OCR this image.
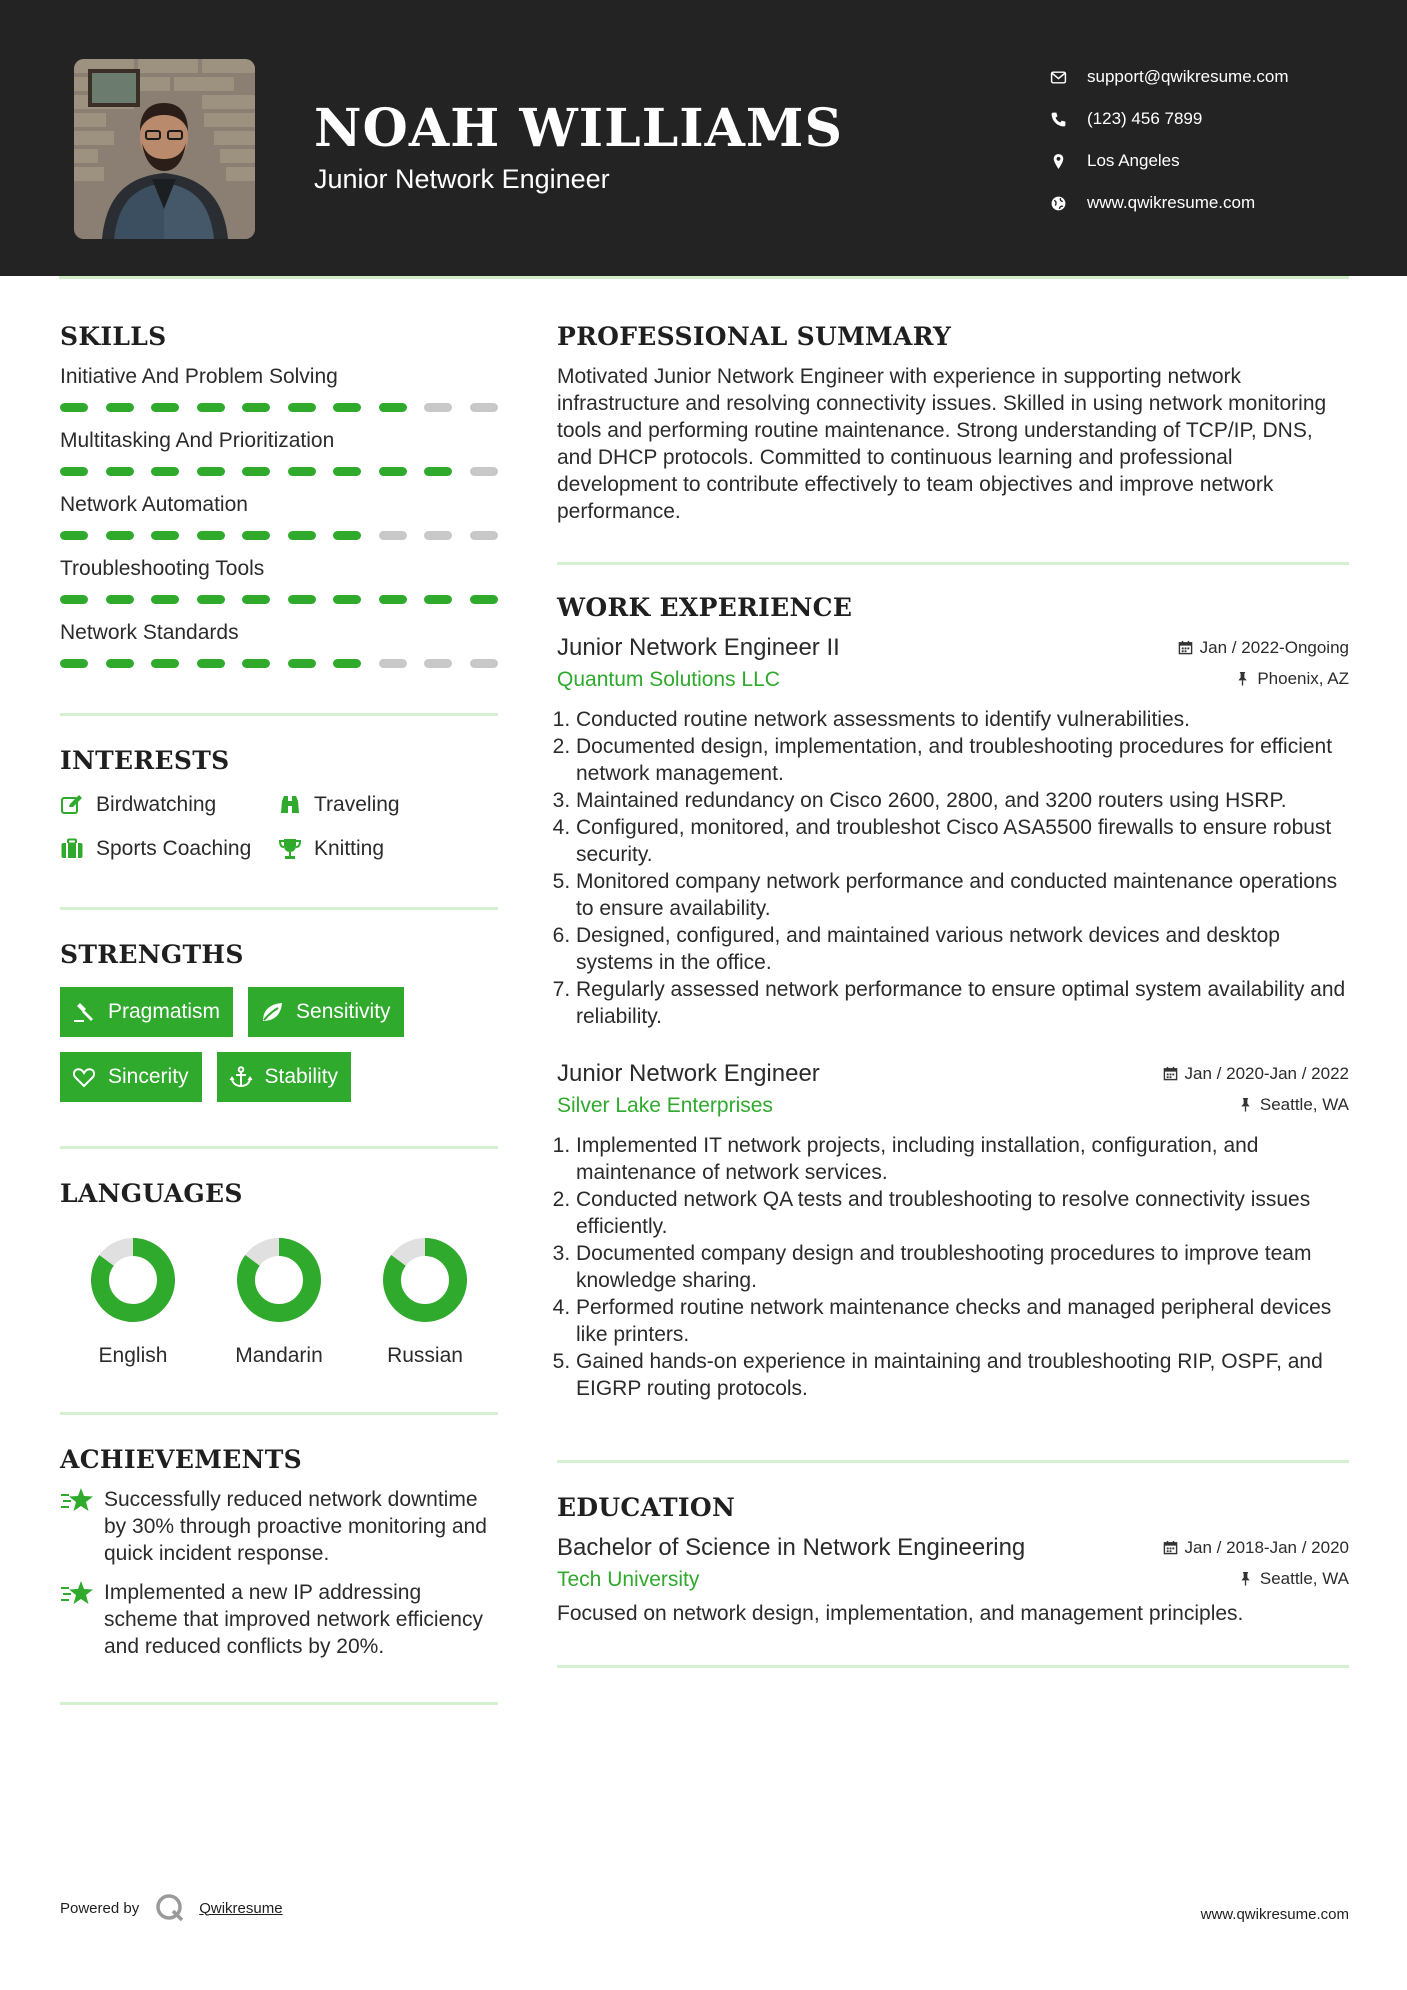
NOAH WILLIAMS
Junior Network Engineer
support@qwikresume.com
(123) 456 7899
Los Angeles
www.qwikresume.com
SKILLS
Initiative And Problem Solving
Multitasking And Prioritization
Network Automation
Troubleshooting Tools
Network Standards
INTERESTS
Birdwatching	Traveling
Sports Coaching	Knitting
STRENGTHS
Pragmatism	Sensitivity
Sincerity	Stability
LANGUAGES
English	Mandarin	Russian
ACHIEVEMENTS
Successfully reduced network downtime by 30% through proactive monitoring and quick incident response.
Implemented a new IP addressing scheme that improved network efficiency and reduced conflicts by 20%.
PROFESSIONAL SUMMARY
Motivated Junior Network Engineer with experience in supporting network infrastructure and resolving connectivity issues. Skilled in using network monitoring tools and performing routine maintenance. Strong understanding of TCP/IP, DNS, and DHCP protocols. Committed to continuous learning and professional development to contribute effectively to team objectives and improve network performance.
WORK EXPERIENCE
Junior Network Engineer II	Jan / 2022-Ongoing
Quantum Solutions LLC	Phoenix, AZ
1. Conducted routine network assessments to identify vulnerabilities.
2. Documented design, implementation, and troubleshooting procedures for efficient network management.
3. Maintained redundancy on Cisco 2600, 2800, and 3200 routers using HSRP.
4. Configured, monitored, and troubleshot Cisco ASA5500 firewalls to ensure robust security.
5. Monitored company network performance and conducted maintenance operations to ensure availability.
6. Designed, configured, and maintained various network devices and desktop systems in the office.
7. Regularly assessed network performance to ensure optimal system availability and reliability.
Junior Network Engineer	Jan / 2020-Jan / 2022
Silver Lake Enterprises	Seattle, WA
1. Implemented IT network projects, including installation, configuration, and maintenance of network services.
2. Conducted network QA tests and troubleshooting to resolve connectivity issues efficiently.
3. Documented company design and troubleshooting procedures to improve team knowledge sharing.
4. Performed routine network maintenance checks and managed peripheral devices like printers.
5. Gained hands-on experience in maintaining and troubleshooting RIP, OSPF, and EIGRP routing protocols.
EDUCATION
Bachelor of Science in Network Engineering	Jan / 2018-Jan / 2020
Tech University	Seattle, WA
Focused on network design, implementation, and management principles.
Powered by	Qwikresume	www.qwikresume.com
